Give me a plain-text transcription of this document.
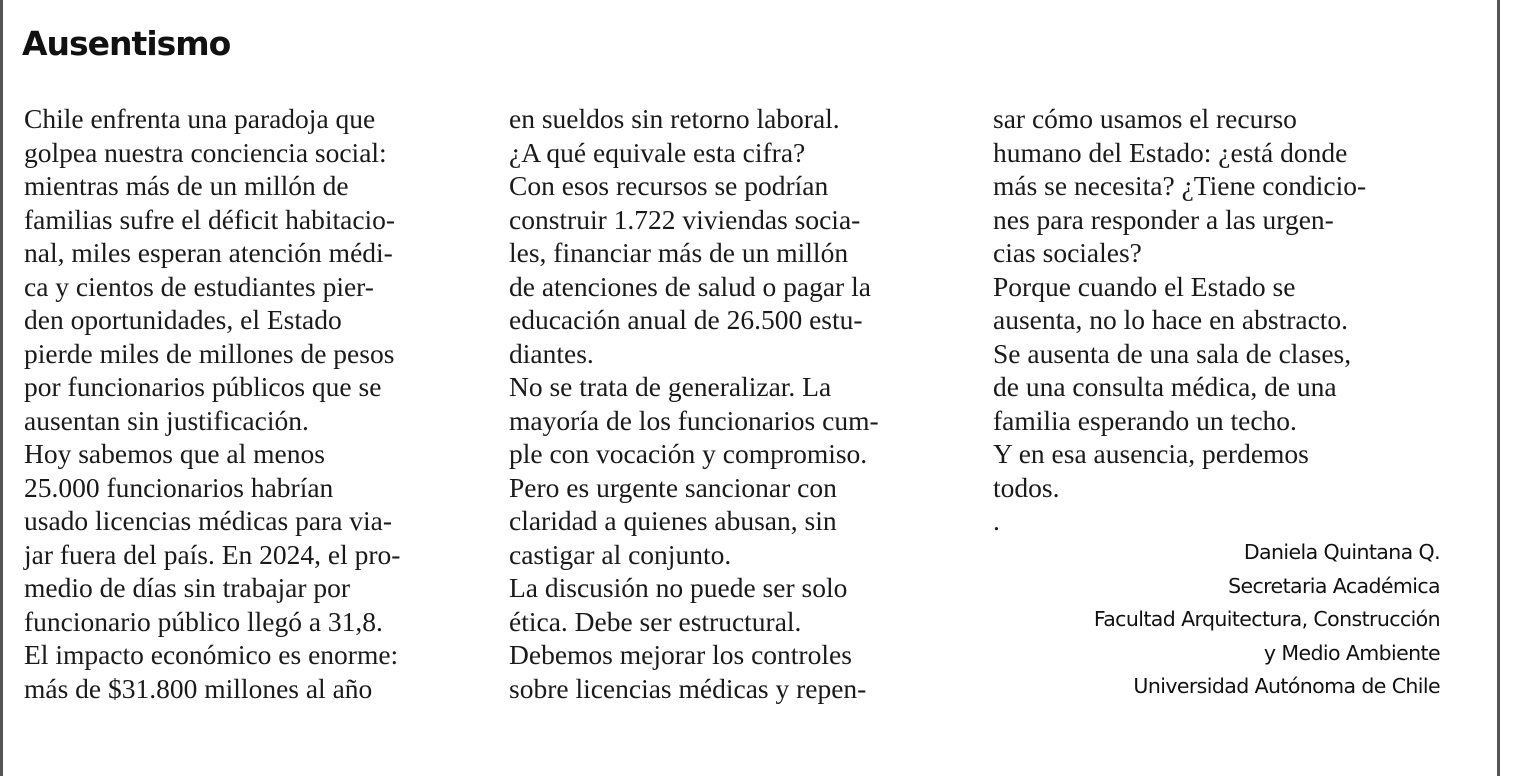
Ausentismo
Chile enfrenta una paradoja que
golpea nuestra conciencia social:
mientras más de un millón de
familias sufre el déficit habitacio-
nal, miles esperan atención médi-
ca y cientos de estudiantes pier-
den oportunidades, el Estado
pierde miles de millones de pesos
por funcionarios públicos que se
ausentan sin justificación.
Hoy sabemos que al menos
25.000 funcionarios habrían
usado licencias médicas para via-
jar fuera del país. En 2024, el pro-
medio de días sin trabajar por
funcionario público llegó a 31,8.
El impacto económico es enorme:
más de $31.800 millones al año
en sueldos sin retorno laboral.
¿A qué equivale esta cifra?
Con esos recursos se podrían
construir 1.722 viviendas socia-
les, financiar más de un millón
de atenciones de salud o pagar la
educación anual de 26.500 estu-
diantes.
No se trata de generalizar. La
mayoría de los funcionarios cum-
ple con vocación y compromiso.
Pero es urgente sancionar con
claridad a quienes abusan, sin
castigar al conjunto.
La discusión no puede ser solo
ética. Debe ser estructural.
Debemos mejorar los controles
sobre licencias médicas y repen-
sar cómo usamos el recurso
humano del Estado: ¿está donde
más se necesita? ¿Tiene condicio-
nes para responder a las urgen-
cias sociales?
Porque cuando el Estado se
ausenta, no lo hace en abstracto.
Se ausenta de una sala de clases,
de una consulta médica, de una
familia esperando un techo.
Y en esa ausencia, perdemos
todos.
.
Daniela Quintana Q.
Secretaria Académica
Facultad Arquitectura, Construcción
y Medio Ambiente
Universidad Autónoma de Chile
